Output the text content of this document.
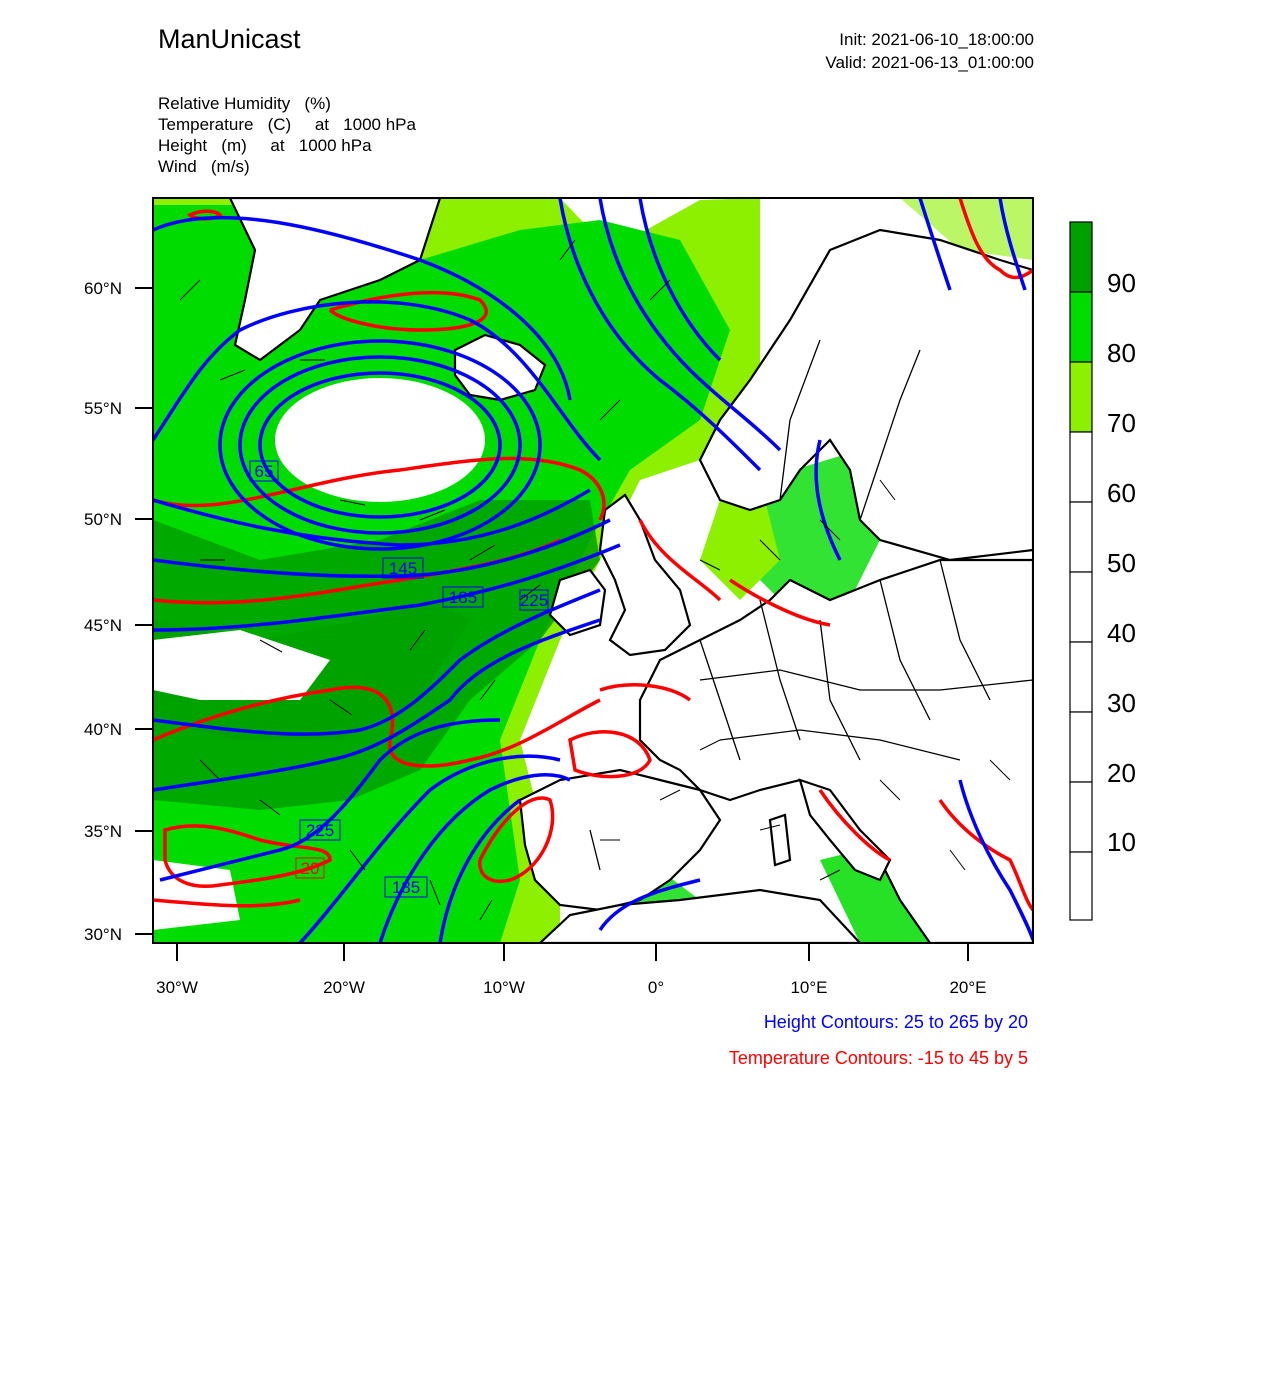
ManUnicast	Init: 2021-06-10_18:00:00
Valid: 2021-06-13_01:00:00
Relative Humidity   (%)
Temperature   (C)     at   1000 hPa
Height   (m)     at   1000 hPa
Wind   (m/s)
60°N
55°N
50°N
45°N
40°N
35°N
30°N
30°W	20°W	10°W	0°	10°E	20°E
65
145
185	225
225
20
185
90
80
70
60
50
40
30
20
10
Height Contours: 25 to 265 by 20
Temperature Contours: -15 to 45 by 5
